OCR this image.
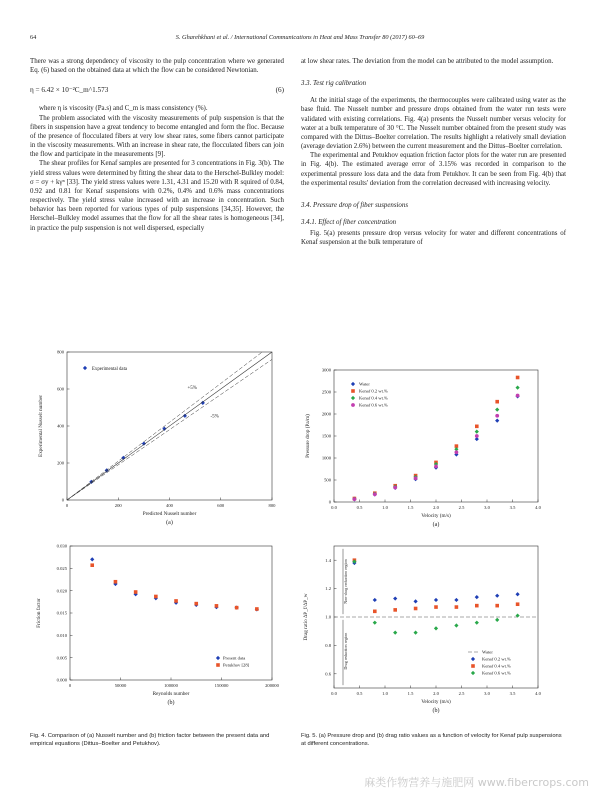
64	S. Gharehkhani et al. / International Communications in Heat and Mass Transfer 80 (2017) 60–69

There was a strong dependency of viscosity to the pulp concentration where we generated Eq. (6) based on the obtained data at which the flow can be considered Newtonian.

η = 6.42 × 10⁻²C_m^1.573	(6)

where η is viscosity (Pa.s) and C_m is mass consistency (%).

The problem associated with the viscosity measurements of pulp suspension is that the fibers in suspension have a great tendency to become entangled and form the floc. Because of the presence of flocculated fibers at very low shear rates, some fibers cannot participate in the viscosity measurements. With an increase in shear rate, the flocculated fibers can join the flow and participate in the measurements [9].

The shear profiles for Kenaf samples are presented for 3 concentrations in Fig. 3(b). The yield stress values were determined by fitting the shear data to the Herschel-Bulkley model: σ = σy + kγⁿ [33]. The yield stress values were 1.31, 4.31 and 15.20 with R squired of 0.84, 0.92 and 0.81 for Kenaf suspensions with 0.2%, 0.4% and 0.6% mass concentrations respectively. The yield stress value increased with an increase in concentration. Such behavior has been reported for various types of pulp suspensions [34,35]. However, the Herschel–Bulkley model assumes that the flow for all the shear rates is homogeneous [34], in practice the pulp suspension is not well dispersed, especially

at low shear rates. The deviation from the model can be attributed to the model assumption.

3.3. Test rig calibration

At the initial stage of the experiments, the thermocouples were calibrated using water as the base fluid. The Nusselt number and pressure drops obtained from the water run tests were validated with existing correlations. Fig. 4(a) presents the Nusselt number versus velocity for water at a bulk temperature of 30 °C. The Nusselt number obtained from the present study was compared with the Dittus–Boelter correlation. The results highlight a relatively small deviation (average deviation 2.6%) between the current measurement and the Dittus–Boelter correlation.

The experimental and Petukhov equation friction factor plots for the water run are presented in Fig. 4(b). The estimated average error of 3.15% was recorded in comparison to the experimental pressure loss data and the data from Petukhov. It can be seen from Fig. 4(b) that the experimental results' deviation from the correlation decreased with increasing velocity.

3.4. Pressure drop of fiber suspensions
3.4.1. Effect of fiber concentration

Fig. 5(a) presents pressure drop versus velocity for water and different concentrations of Kenaf suspension at the bulk temperature of

0	200	400	600	800
0
200
400
600
800
Predicted Nusselt number
Experimental Nusselt number
(a)
+5%
-5%
Experimental data
0	50000	100000	150000	200000
0.000
0.005
0.010
0.015
0.020
0.025
0.030
Reynolds number
Friction factor
(b)
Present data
Petukhov [28]
0.0	0.5	1.0	1.5	2.0	2.5	3.0	3.5	4.0
0
500
1000
1500
2000
2500
3000
Velocity (m/s)
Pressure drop (Pa/m)
(a)
Water
Kenaf 0.2 wt.%
Kenaf 0.4 wt.%
Kenaf 0.6 wt.%
0.0	0.5	1.0	1.5	2.0	2.5	3.0	3.5	4.0
0.6
0.8
1.0
1.2
1.4
Velocity (m/s)
Drag ratio ΔP_f/ΔP_w
(b)
Non-drag reduction region
Drag reduction region	Water
Kenaf 0.2 wt.%
Kenaf 0.4 wt.%
Kenaf 0.6 wt.%
Fig. 4. Comparison of (a) Nusselt number and (b) friction factor between the present data and empirical equations (Dittus–Boelter and Petukhov).
Fig. 5. (a) Pressure drop and (b) drag ratio values as a function of velocity for Kenaf pulp suspensions at different concentrations.
麻类作物营养与施肥网 www.fibercrops.com
